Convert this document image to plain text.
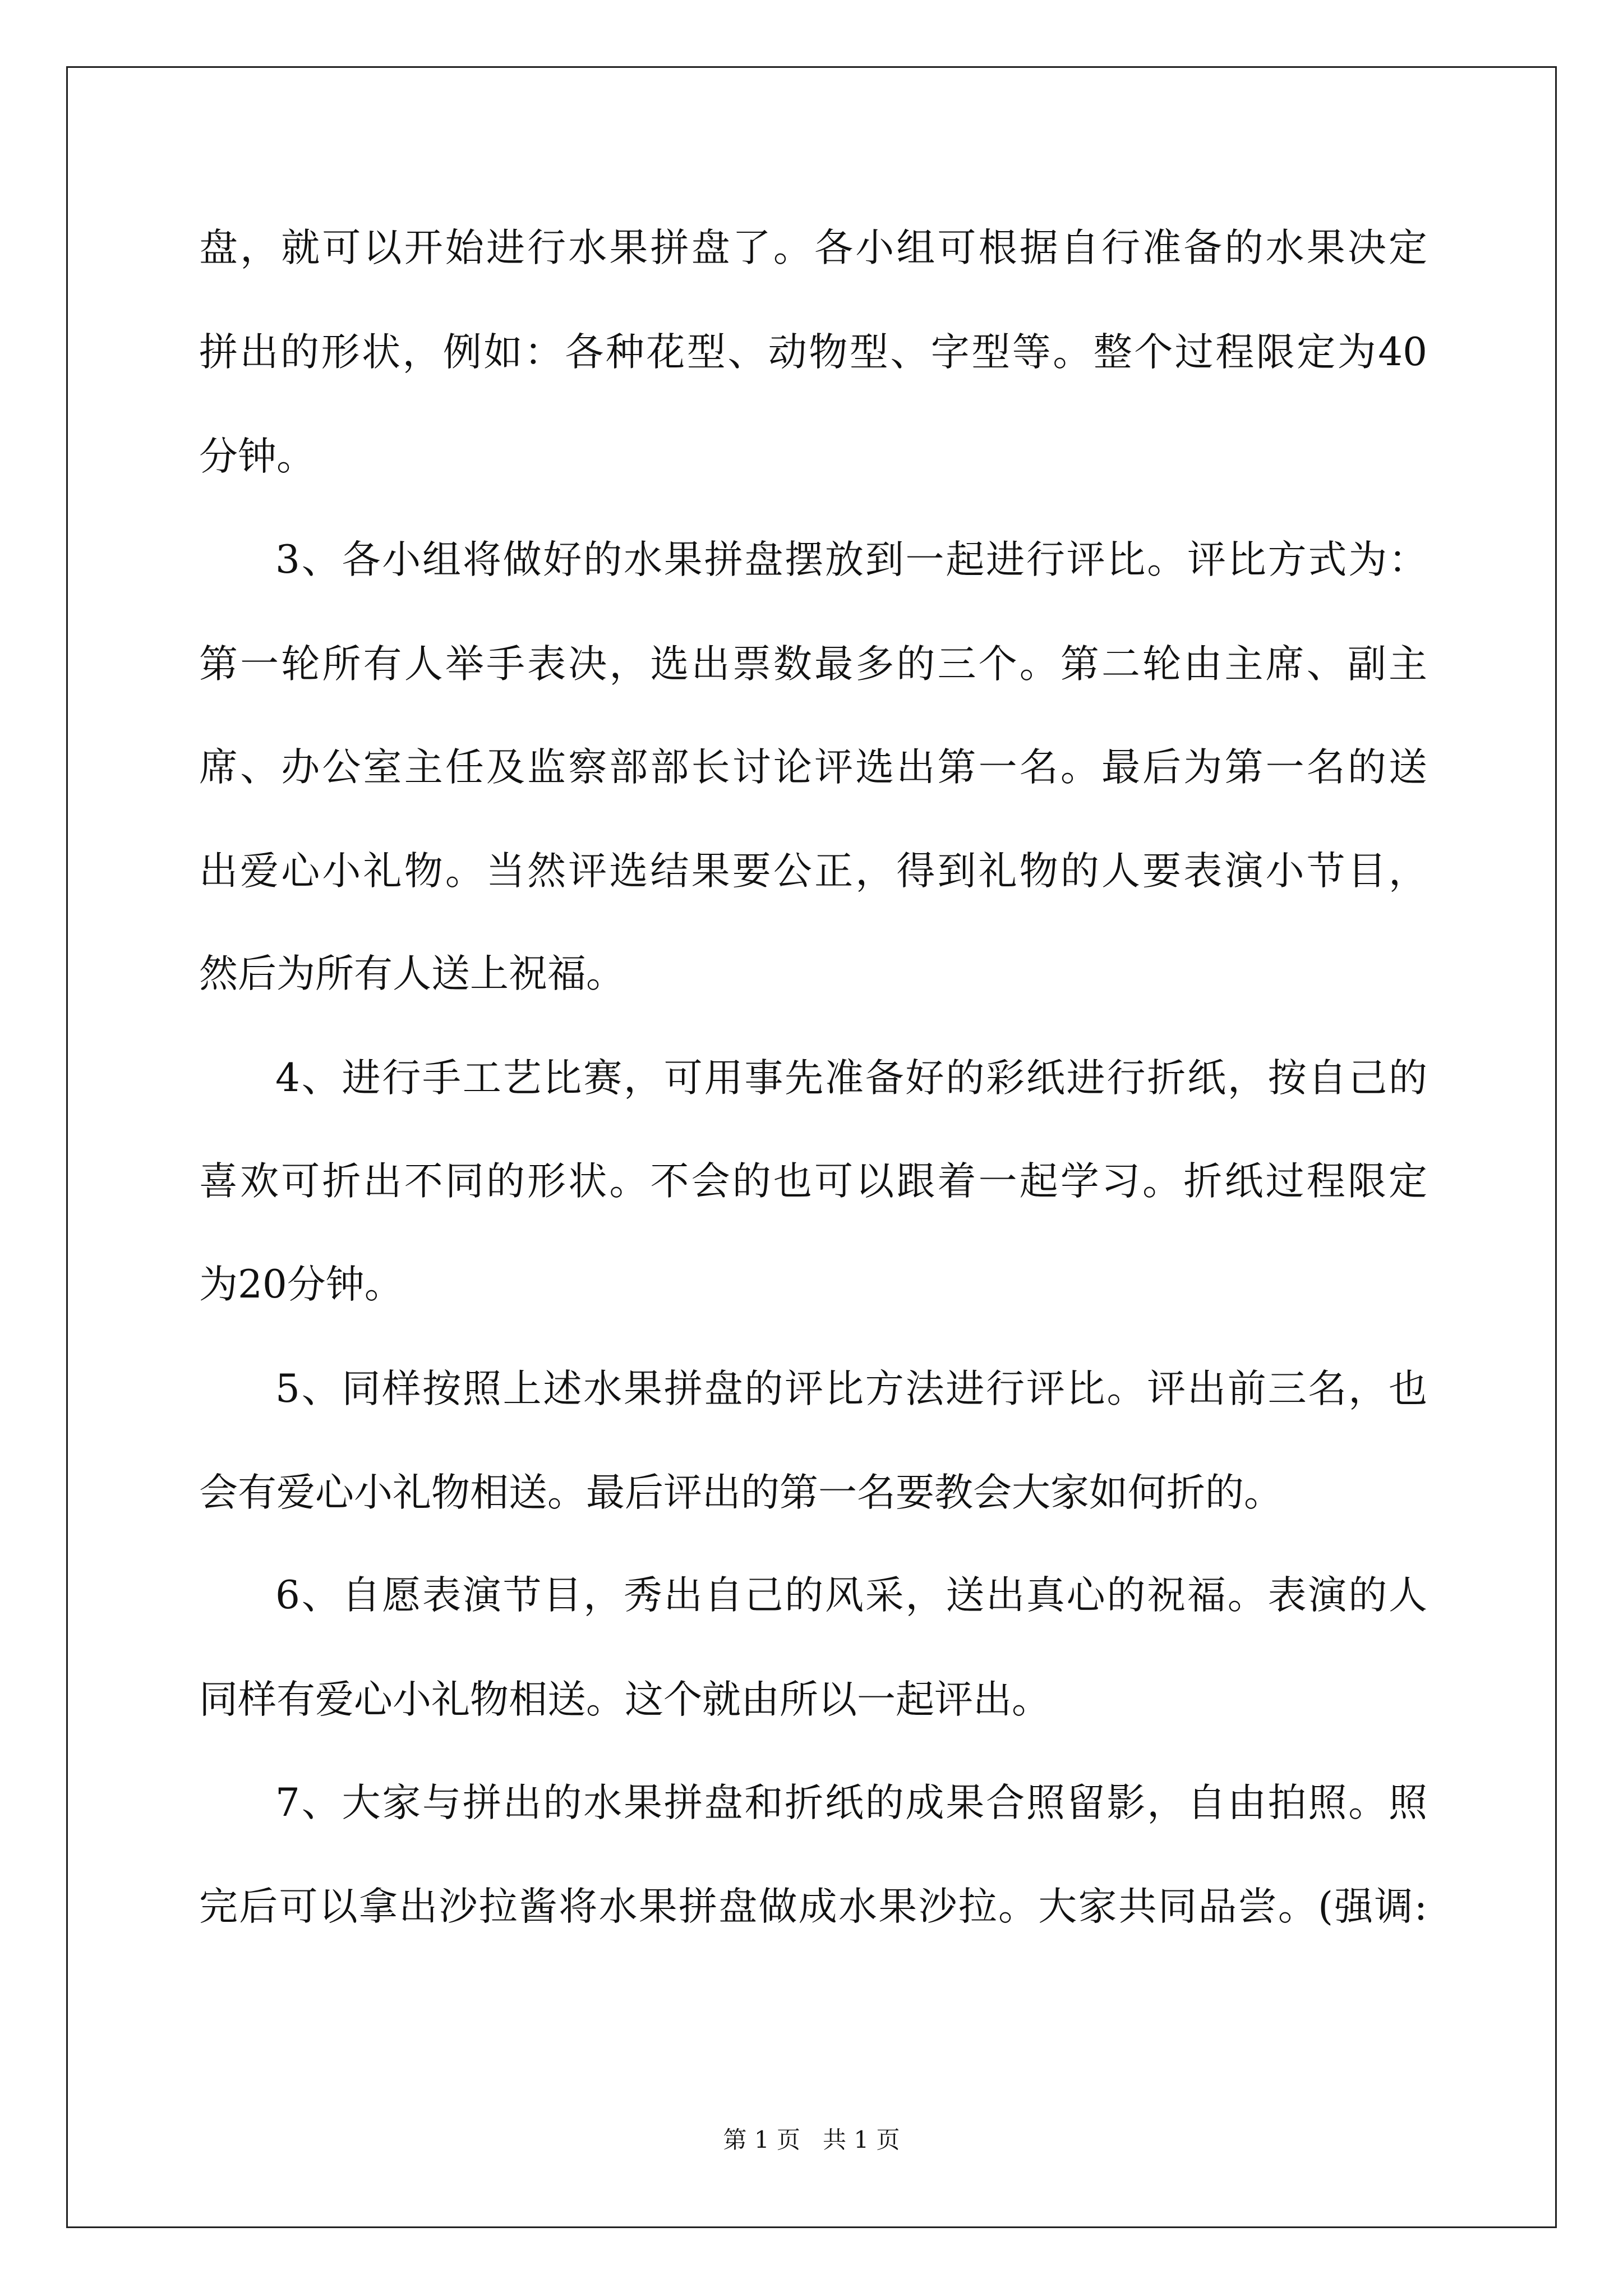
盘，就可以开始进行水果拼盘了。各小组可根据自行准备的水果决定

拼出的形状，例如：各种花型、动物型、字型等。整个过程限定为40

分钟。

3、各小组将做好的水果拼盘摆放到一起进行评比。评比方式为：

第一轮所有人举手表决，选出票数最多的三个。第二轮由主席、副主

席、办公室主任及监察部部长讨论评选出第一名。最后为第一名的送

出爱心小礼物。当然评选结果要公正，得到礼物的人要表演小节目，

然后为所有人送上祝福。

4、进行手工艺比赛，可用事先准备好的彩纸进行折纸，按自己的

喜欢可折出不同的形状。不会的也可以跟着一起学习。折纸过程限定

为20分钟。

5、同样按照上述水果拼盘的评比方法进行评比。评出前三名，也

会有爱心小礼物相送。最后评出的第一名要教会大家如何折的。

6、自愿表演节目，秀出自己的风采，送出真心的祝福。表演的人

同样有爱心小礼物相送。这个就由所以一起评出。

7、大家与拼出的水果拼盘和折纸的成果合照留影，自由拍照。照

完后可以拿出沙拉酱将水果拼盘做成水果沙拉。大家共同品尝。(强调:

第 1 页   共 1 页
